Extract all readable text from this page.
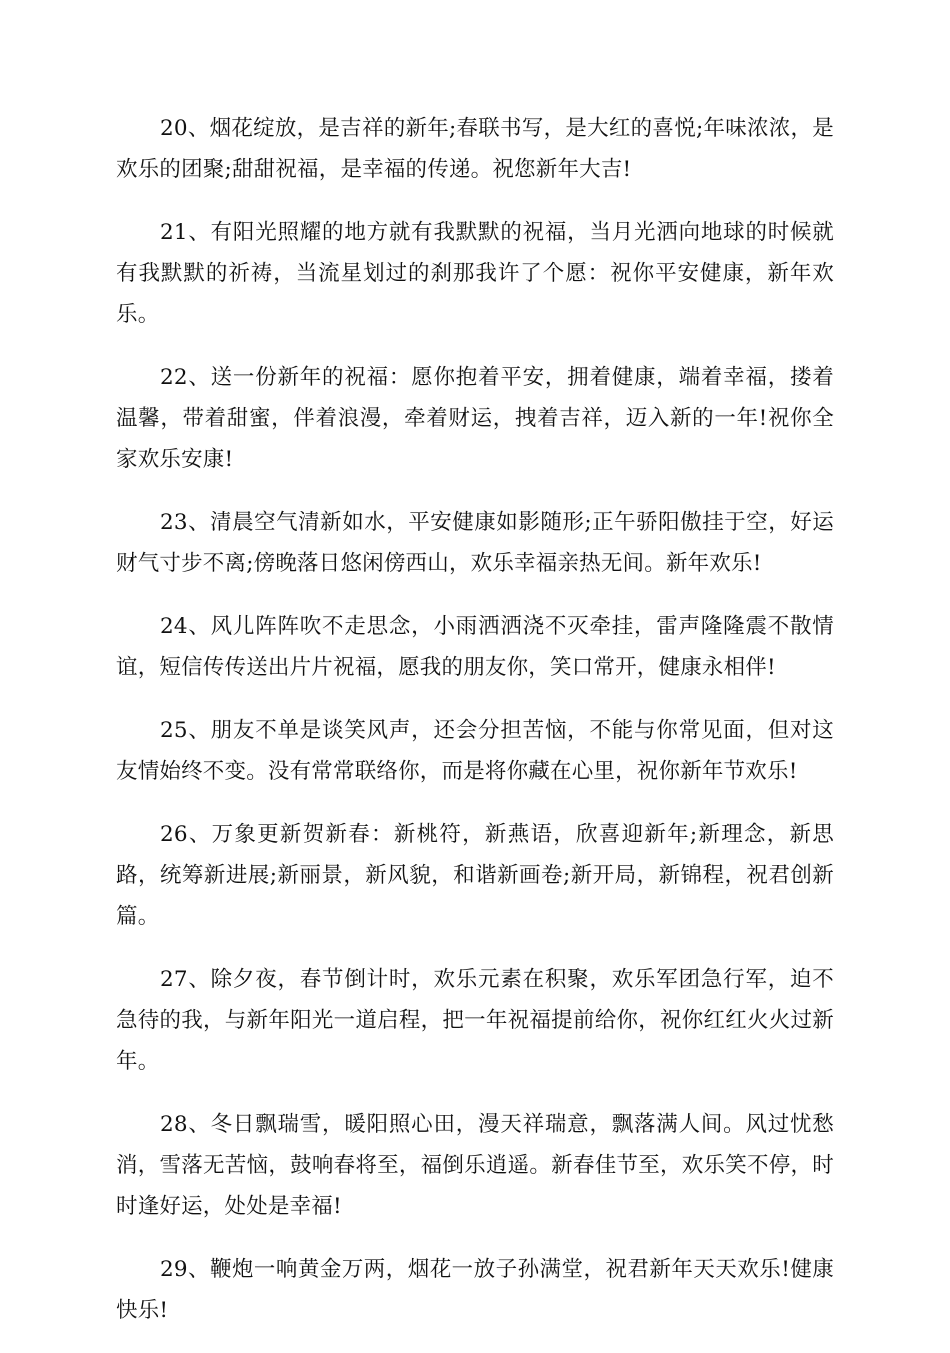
20、烟花绽放，是吉祥的新年;春联书写，是大红的喜悦;年味浓浓，是欢乐的团聚;甜甜祝福，是幸福的传递。祝您新年大吉!

21、有阳光照耀的地方就有我默默的祝福，当月光洒向地球的时候就有我默默的祈祷，当流星划过的刹那我许了个愿：祝你平安健康，新年欢乐。

22、送一份新年的祝福：愿你抱着平安，拥着健康，端着幸福，搂着温馨，带着甜蜜，伴着浪漫，牵着财运，拽着吉祥，迈入新的一年!祝你全家欢乐安康!

23、清晨空气清新如水，平安健康如影随形;正午骄阳傲挂于空，好运财气寸步不离;傍晚落日悠闲傍西山，欢乐幸福亲热无间。新年欢乐!

24、风儿阵阵吹不走思念，小雨洒洒浇不灭牵挂，雷声隆隆震不散情谊，短信传传送出片片祝福，愿我的朋友你，笑口常开，健康永相伴!

25、朋友不单是谈笑风声，还会分担苦恼，不能与你常见面，但对这友情始终不变。没有常常联络你，而是将你藏在心里，祝你新年节欢乐!

26、万象更新贺新春：新桃符，新燕语，欣喜迎新年;新理念，新思路，统筹新进展;新丽景，新风貌，和谐新画卷;新开局，新锦程，祝君创新篇。

27、除夕夜，春节倒计时，欢乐元素在积聚，欢乐军团急行军，迫不急待的我，与新年阳光一道启程，把一年祝福提前给你，祝你红红火火过新年。

28、冬日飘瑞雪，暖阳照心田，漫天祥瑞意，飘落满人间。风过忧愁消，雪落无苦恼，鼓响春将至，福倒乐逍遥。新春佳节至，欢乐笑不停，时时逢好运，处处是幸福!

29、鞭炮一响黄金万两，烟花一放子孙满堂，祝君新年天天欢乐!健康快乐!
